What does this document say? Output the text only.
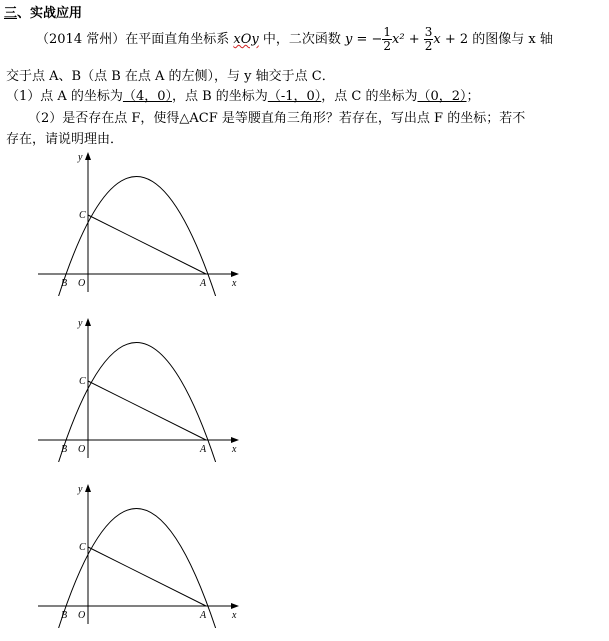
三、实战应用
（2014 常州）在平面直角坐标系 xOy 中，二次函数 y = − $\frac{1}{2} x^2 + \frac{3}{2}$ x + 2 的图像与 x 轴
交于点 A、B（点 B 在点 A 的左侧），与 y 轴交于点 C．
（1）点 A 的坐标为（4，0），点 B 的坐标为（-1，0），点 C 的坐标为（0，2）；
（2）是否存在点 F，使得△ACF 是等腰直角三角形？若存在，写出点 F 的坐标；若不
存在，请说明理由．
y
x
O
B	A
C
y
x
O
B	A
C
y
x
O
B	A
C
